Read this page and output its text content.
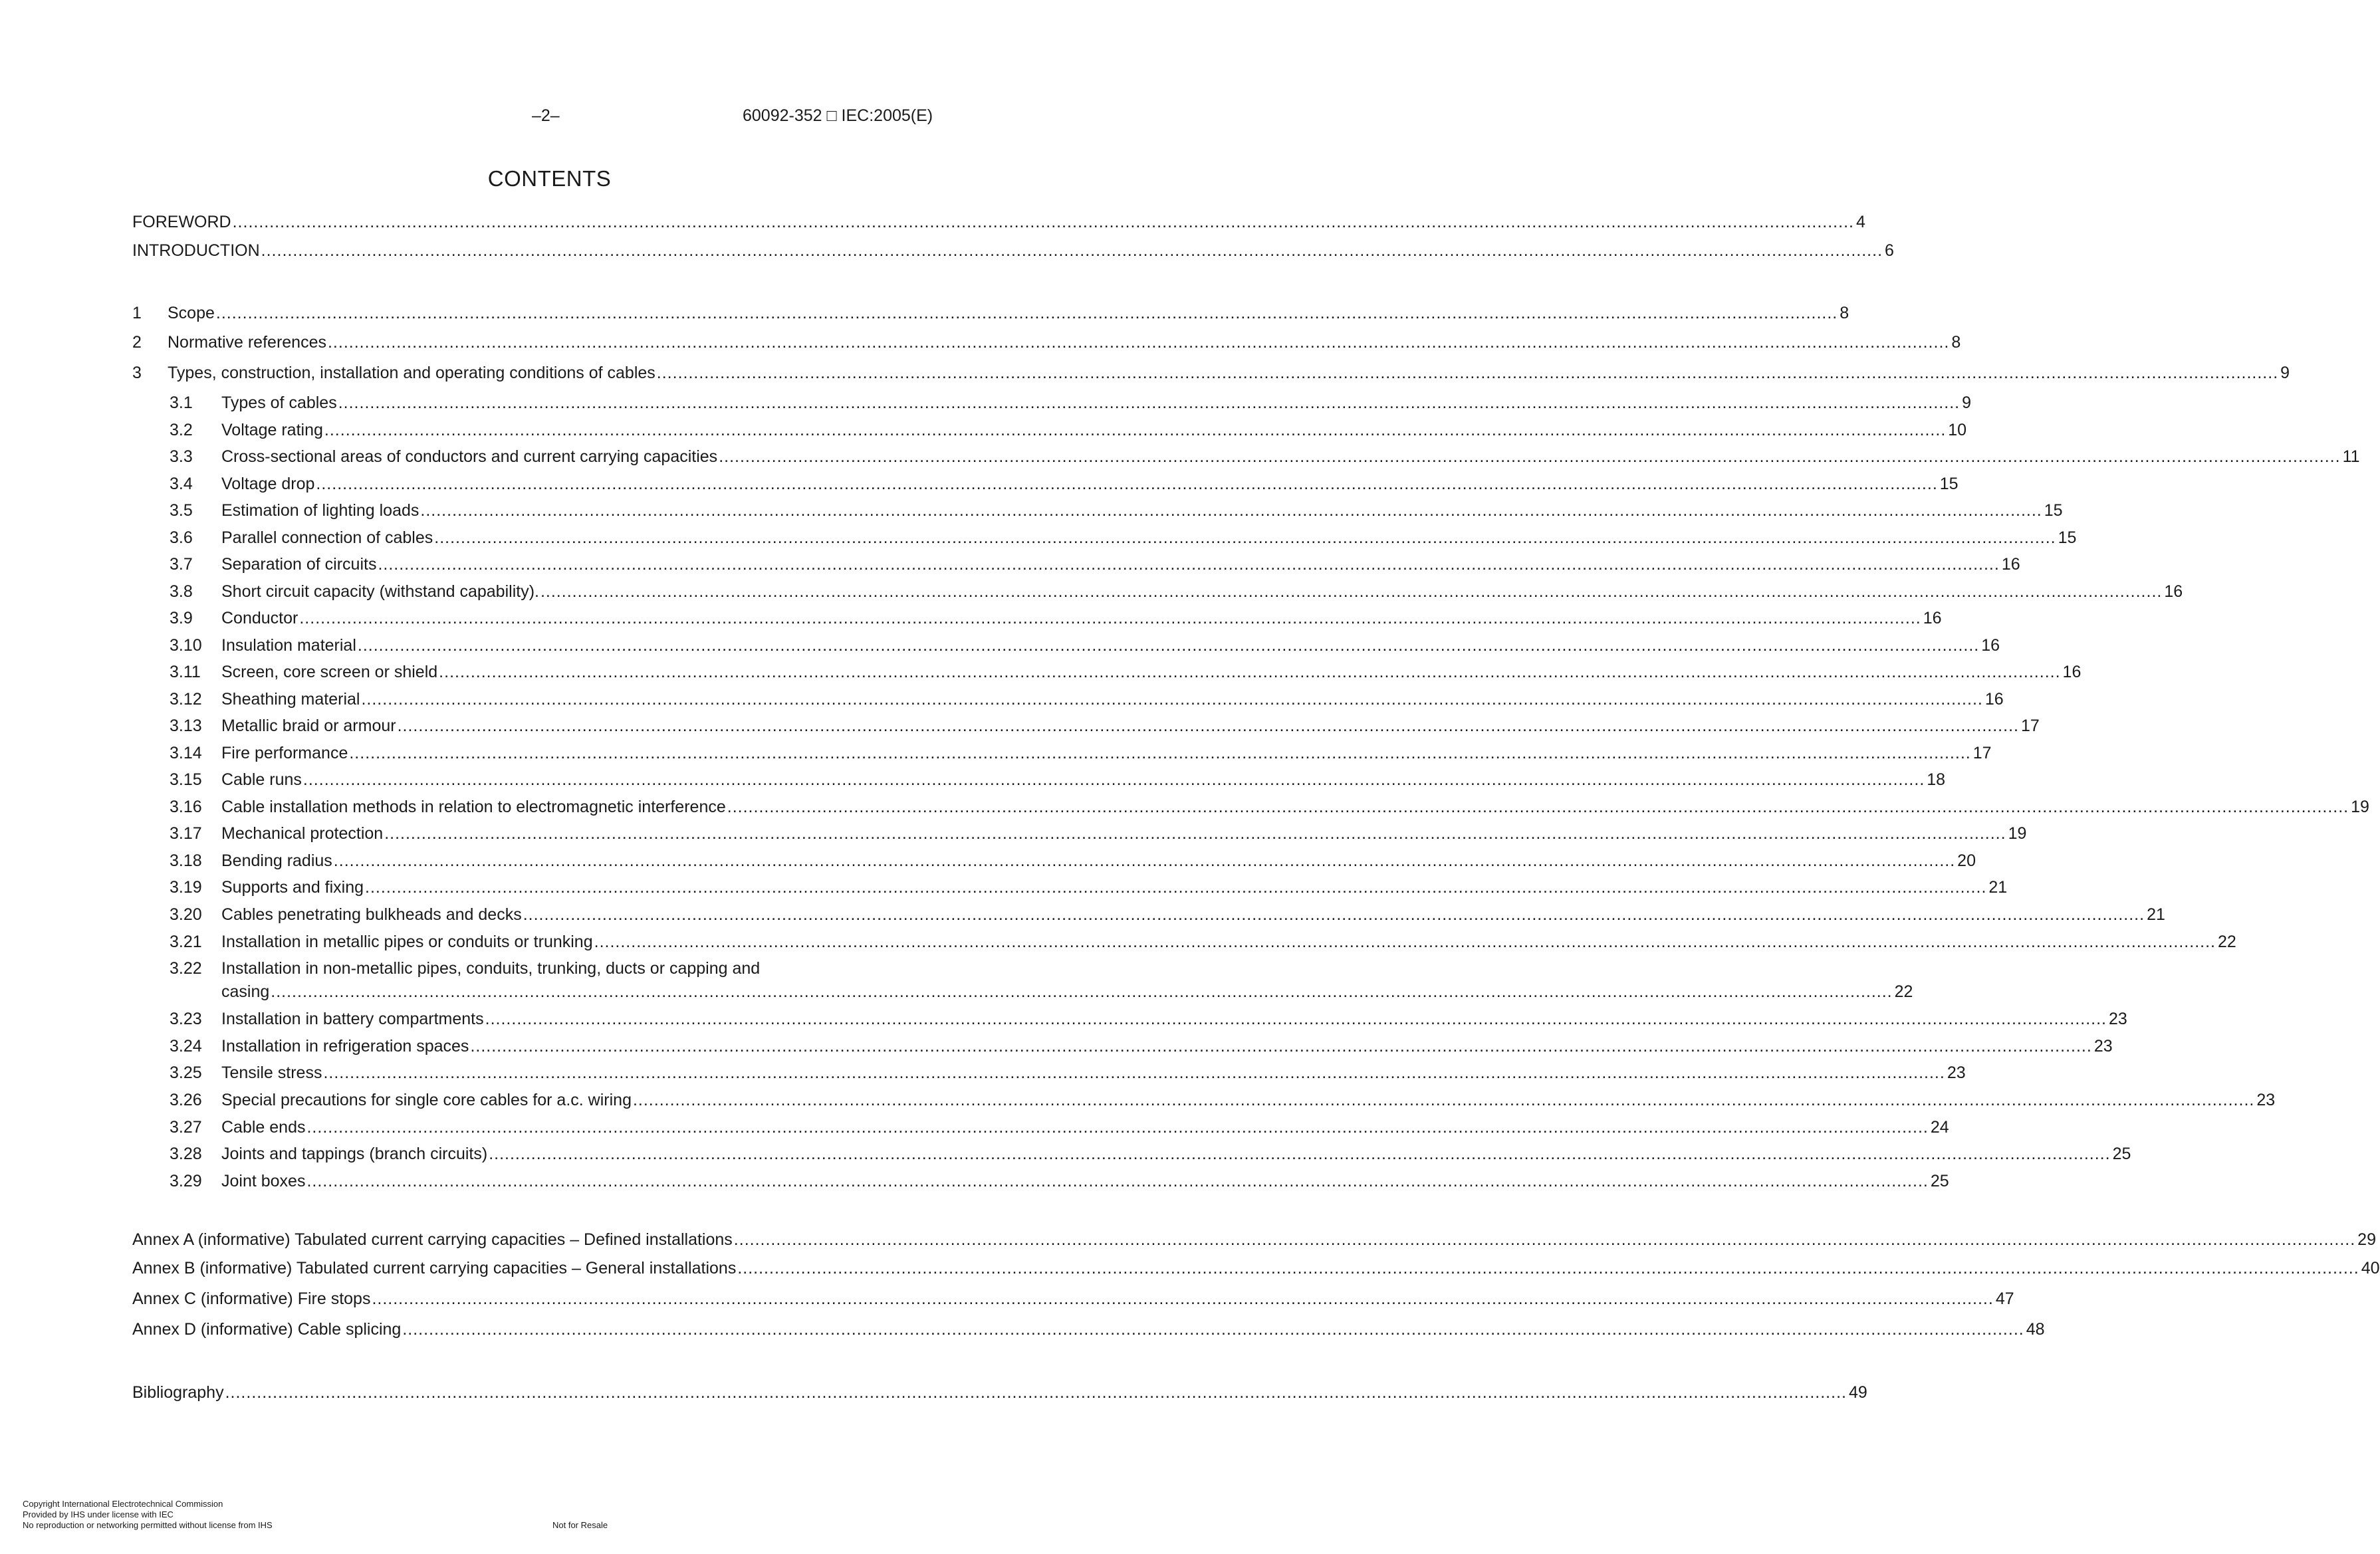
–2–	60092-352 □ IEC:2005(E)
CONTENTS
FOREWORD .....	4
INTRODUCTION .....	6
1	Scope .....	8
2	Normative references .....	8
3	Types, construction, installation and operating conditions of cables .....	9
3.1	Types of cables .....	9
3.2	Voltage rating .....	10
3.3	Cross-sectional areas of conductors and current carrying capacities .....	11
3.4	Voltage drop .....	15
3.5	Estimation of lighting loads .....	15
3.6	Parallel connection of cables .....	15
3.7	Separation of circuits .....	16
3.8	Short circuit capacity (withstand capability). .....	16
3.9	Conductor .....	16
3.10	Insulation material .....	16
3.11	Screen, core screen or shield .....	16
3.12	Sheathing material .....	16
3.13	Metallic braid or armour .....	17
3.14	Fire performance .....	17
3.15	Cable runs .....	18
3.16	Cable installation methods in relation to electromagnetic interference .....	19
3.17	Mechanical protection .....	19
3.18	Bending radius .....	20
3.19	Supports and fixing .....	21
3.20	Cables penetrating bulkheads and decks .....	21
3.21	Installation in metallic pipes or conduits or trunking .....	22
3.22 Installation in non-metallic pipes, conduits, trunking, ducts or capping and
casing .....	22
3.23	Installation in battery compartments .....	23
3.24	Installation in refrigeration spaces .....	23
3.25	Tensile stress .....	23
3.26	Special precautions for single core cables for a.c. wiring .....	23
3.27	Cable ends .....	24
3.28	Joints and tappings (branch circuits) .....	25
3.29	Joint boxes .....	25
Annex A (informative) Tabulated current carrying capacities – Defined installations .....	29
Annex B (informative) Tabulated current carrying capacities – General installations .....	40
Annex C (informative) Fire stops .....	47
Annex D (informative) Cable splicing .....	48
Bibliography .....	49
Copyright International Electrotechnical Commission
Provided by IHS under license with IEC
No reproduction or networking permitted without license from IHS	Not for Resale
